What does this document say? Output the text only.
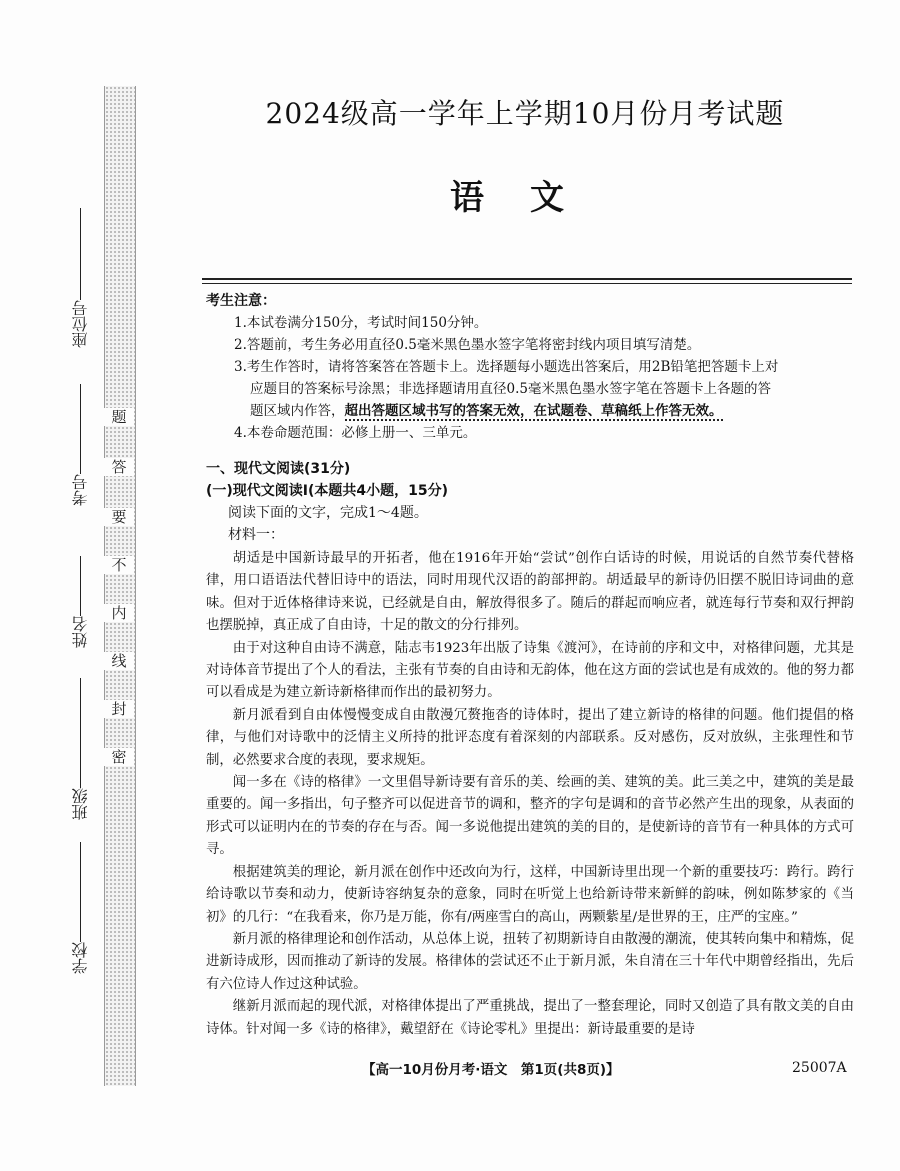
题
答
要
不
内
线
封
密
座位号
考号
姓名
班级
学校
2024级高一学年上学期10月份月考试题
语文
考生注意：
1.本试卷满分150分，考试时间150分钟。
2.答题前，考生务必用直径0.5毫米黑色墨水签字笔将密封线内项目填写清楚。
3.考生作答时，请将答案答在答题卡上。选择题每小题选出答案后，用2B铅笔把答题卡上对
应题目的答案标号涂黑；非选择题请用直径0.5毫米黑色墨水签字笔在答题卡上各题的答
题区域内作答，超出答题区域书写的答案无效，在试题卷、草稿纸上作答无效。
4.本卷命题范围：必修上册一、三单元。
一、现代文阅读(31分)
(一)现代文阅读Ⅰ(本题共4小题，15分)
阅读下面的文字，完成1～4题。
材料一：

胡适是中国新诗最早的开拓者，他在1916年开始“尝试”创作白话诗的时候，用说话的自然节奏代替格律，用口语语法代替旧诗中的语法，同时用现代汉语的韵部押韵。胡适最早的新诗仍旧摆不脱旧诗词曲的意味。但对于近体格律诗来说，已经就是自由，解放得很多了。随后的群起而响应者，就连每行节奏和双行押韵也摆脱掉，真正成了自由诗，十足的散文的分行排列。

由于对这种自由诗不满意，陆志韦1923年出版了诗集《渡河》，在诗前的序和文中，对格律问题，尤其是对诗体音节提出了个人的看法，主张有节奏的自由诗和无韵体，他在这方面的尝试也是有成效的。他的努力都可以看成是为建立新诗新格律而作出的最初努力。

新月派看到自由体慢慢变成自由散漫冗赘拖沓的诗体时，提出了建立新诗的格律的问题。他们提倡的格律，与他们对诗歌中的泛情主义所持的批评态度有着深刻的内部联系。反对感伤，反对放纵，主张理性和节制，必然要求合度的表现，要求规矩。

闻一多在《诗的格律》一文里倡导新诗要有音乐的美、绘画的美、建筑的美。此三美之中，建筑的美是最重要的。闻一多指出，句子整齐可以促进音节的调和，整齐的字句是调和的音节必然产生出的现象，从表面的形式可以证明内在的节奏的存在与否。闻一多说他提出建筑的美的目的，是使新诗的音节有一种具体的方式可寻。

根据建筑美的理论，新月派在创作中还改向为行，这样，中国新诗里出现一个新的重要技巧：跨行。跨行给诗歌以节奏和动力，使新诗容纳复杂的意象，同时在听觉上也给新诗带来新鲜的韵味，例如陈梦家的《当初》的几行：“在我看来，你乃是万能，你有/两座雪白的高山，两颗紫星/是世界的王，庄严的宝座。”

新月派的格律理论和创作活动，从总体上说，扭转了初期新诗自由散漫的潮流，使其转向集中和精炼，促进新诗成形，因而推动了新诗的发展。格律体的尝试还不止于新月派，朱自清在三十年代中期曾经指出，先后有六位诗人作过这种试验。

继新月派而起的现代派，对格律体提出了严重挑战，提出了一整套理论，同时又创造了具有散文美的自由诗体。针对闻一多《诗的格律》，戴望舒在《诗论零札》里提出：新诗最重要的是诗

【高一10月份月考·语文　第1页(共8页)】	25007A
